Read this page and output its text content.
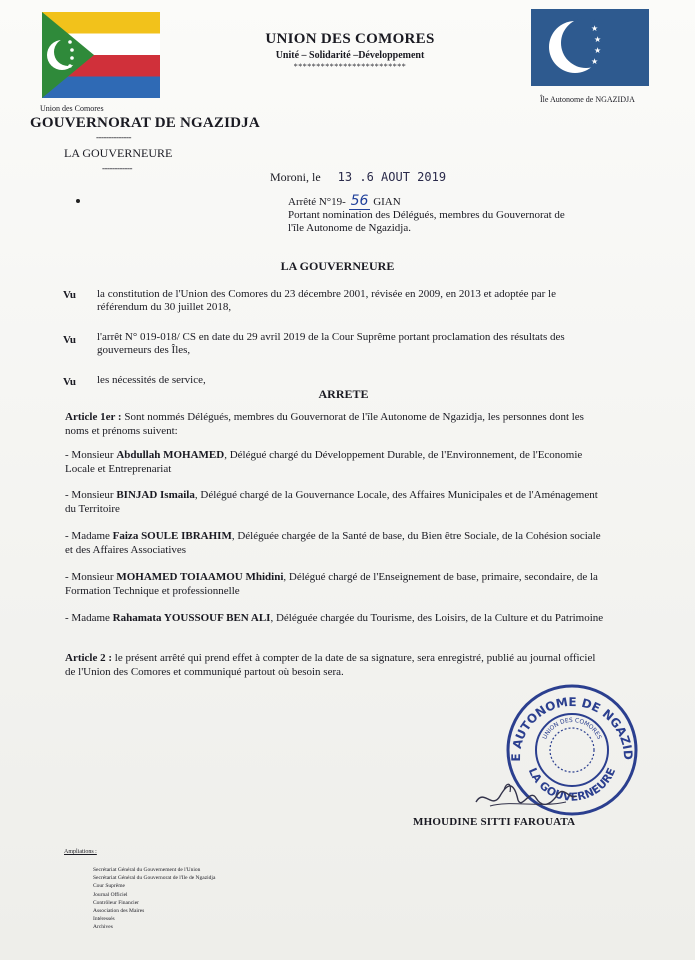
Union des Comores
UNION DES COMORES
Unité – Solidarité –Développement
*************************
★
★
★
★
Île Autonome de NGAZIDJA
GOUVERNORAT DE NGAZIDJA
--------------
LA GOUVERNEURE
------------
Moroni, le 13 .6 AOUT 2019
Arrêté N°19- 56 GIAN
Portant nomination des Délégués, membres du Gouvernorat de l'île Autonome de Ngazidja.
LA GOUVERNEURE
Vu la constitution de l'Union des Comores du 23 décembre 2001, révisée en 2009, en 2013 et adoptée par le référendum du 30 juillet 2018,
Vu l'arrêt N° 019-018/ CS en date du 29 avril 2019 de la Cour Suprême portant proclamation des résultats des gouverneurs des Îles,
Vu les nécessités de service,
ARRETE
Article 1er : Sont nommés Délégués, membres du Gouvernorat de l'île Autonome de Ngazidja, les personnes dont les noms et prénoms suivent:
- Monsieur Abdullah MOHAMED, Délégué chargé du Développement Durable, de l'Environnement, de l'Economie Locale et Entreprenariat
- Monsieur BINJAD Ismaila, Délégué chargé de la Gouvernance Locale, des Affaires Municipales et de l'Aménagement du Territoire
- Madame Faiza SOULE IBRAHIM, Déléguée chargée de la Santé de base, du Bien être Sociale, de la Cohésion sociale et des Affaires Associatives
- Monsieur MOHAMED TOIAAMOU Mhidini, Délégué chargé de l'Enseignement de base, primaire, secondaire, de la Formation Technique et professionnelle
- Madame Rahamata YOUSSOUF BEN ALI, Déléguée chargée du Tourisme, des Loisirs, de la Culture et du Patrimoine
Article 2 : le présent arrêté qui prend effet à compter de la date de sa signature, sera enregistré, publié au journal officiel de l'Union des Comores et communiqué partout où besoin sera.
E AUTONOME DE NGAZID
LA GOUVERNEURE
UNION DES COMORES
MHOUDINE SITTI FAROUATA
Ampliations :
Secrétariat Général du Gouvernement de l'Union
Secrétariat Général du Gouvernorat de l'Ile de Ngazidja
Cour Suprême
Journal Officiel
Contrôleur Financier
Association des Maires
Intéressés
Archives
